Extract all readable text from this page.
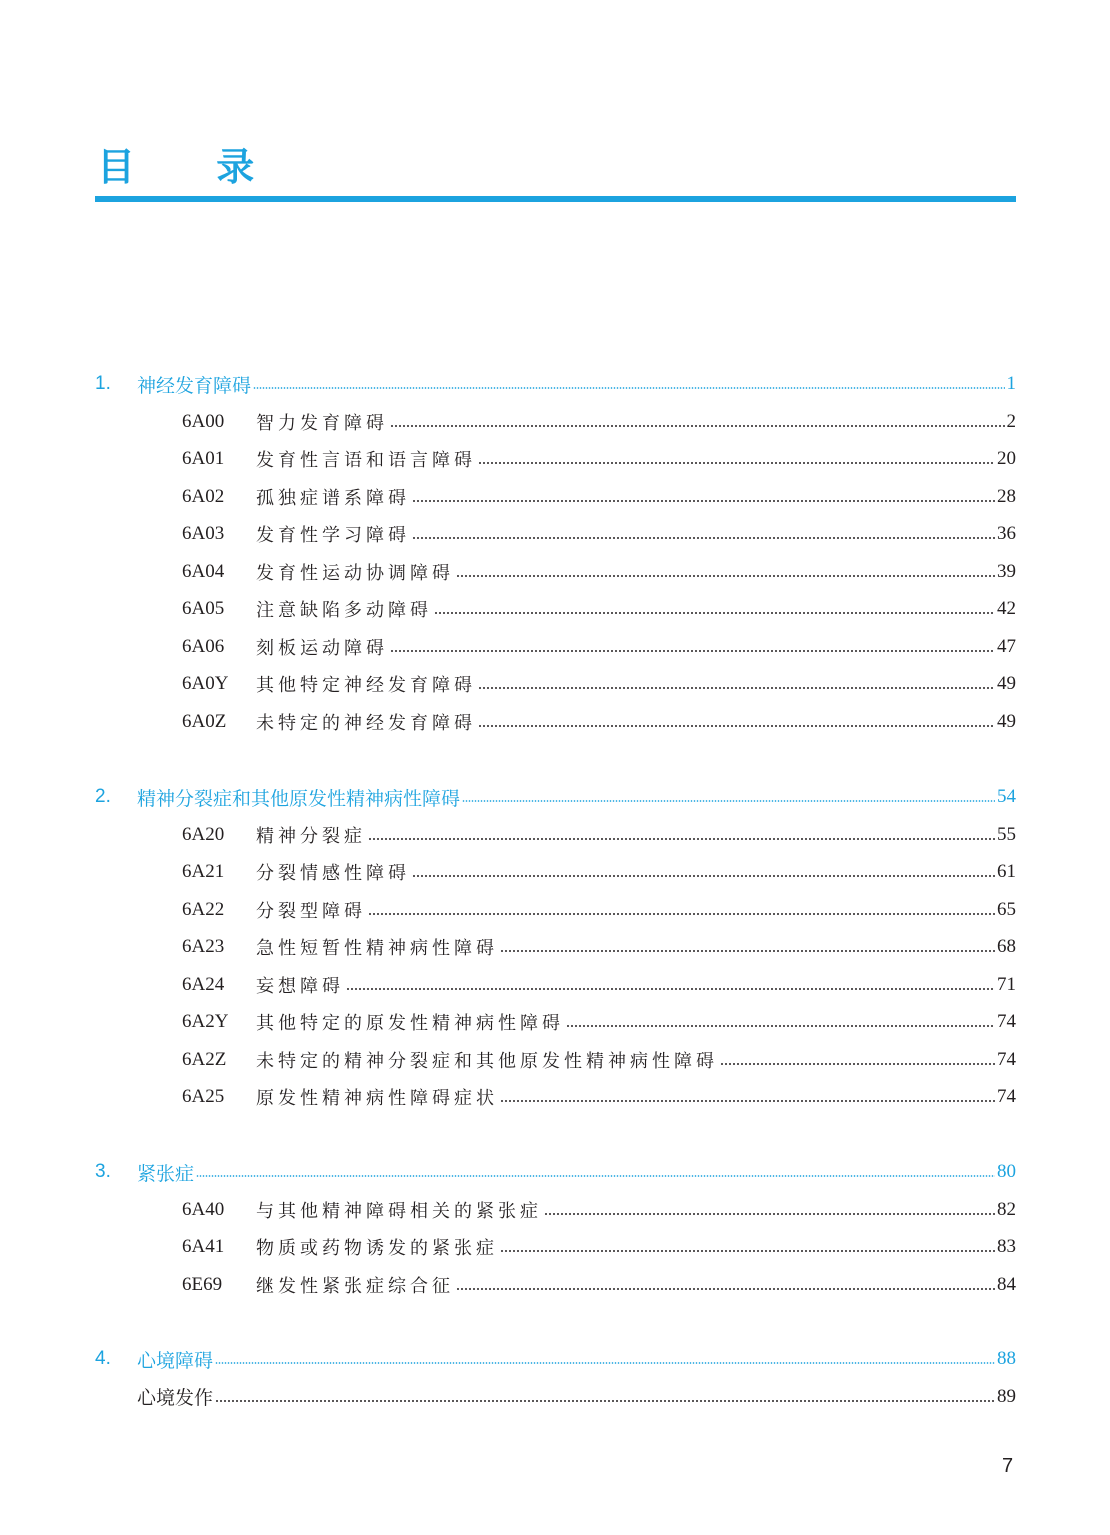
目 录
1.	神经发育障碍	1
6A00	智力发育障碍	2
6A01	发育性言语和语言障碍	20
6A02	孤独症谱系障碍	28
6A03	发育性学习障碍	36
6A04	发育性运动协调障碍	39
6A05	注意缺陷多动障碍	42
6A06	刻板运动障碍	47
6A0Y	其他特定神经发育障碍	49
6A0Z	未特定的神经发育障碍	49
2.	精神分裂症和其他原发性精神病性障碍	54
6A20	精神分裂症	55
6A21	分裂情感性障碍	61
6A22	分裂型障碍	65
6A23	急性短暂性精神病性障碍	68
6A24	妄想障碍	71
6A2Y	其他特定的原发性精神病性障碍	74
6A2Z	未特定的精神分裂症和其他原发性精神病性障碍	74
6A25	原发性精神病性障碍症状	74
3.	紧张症	80
6A40	与其他精神障碍相关的紧张症	82
6A41	物质或药物诱发的紧张症	83
6E69	继发性紧张症综合征	84
4.	心境障碍	88
心境发作	89
7
